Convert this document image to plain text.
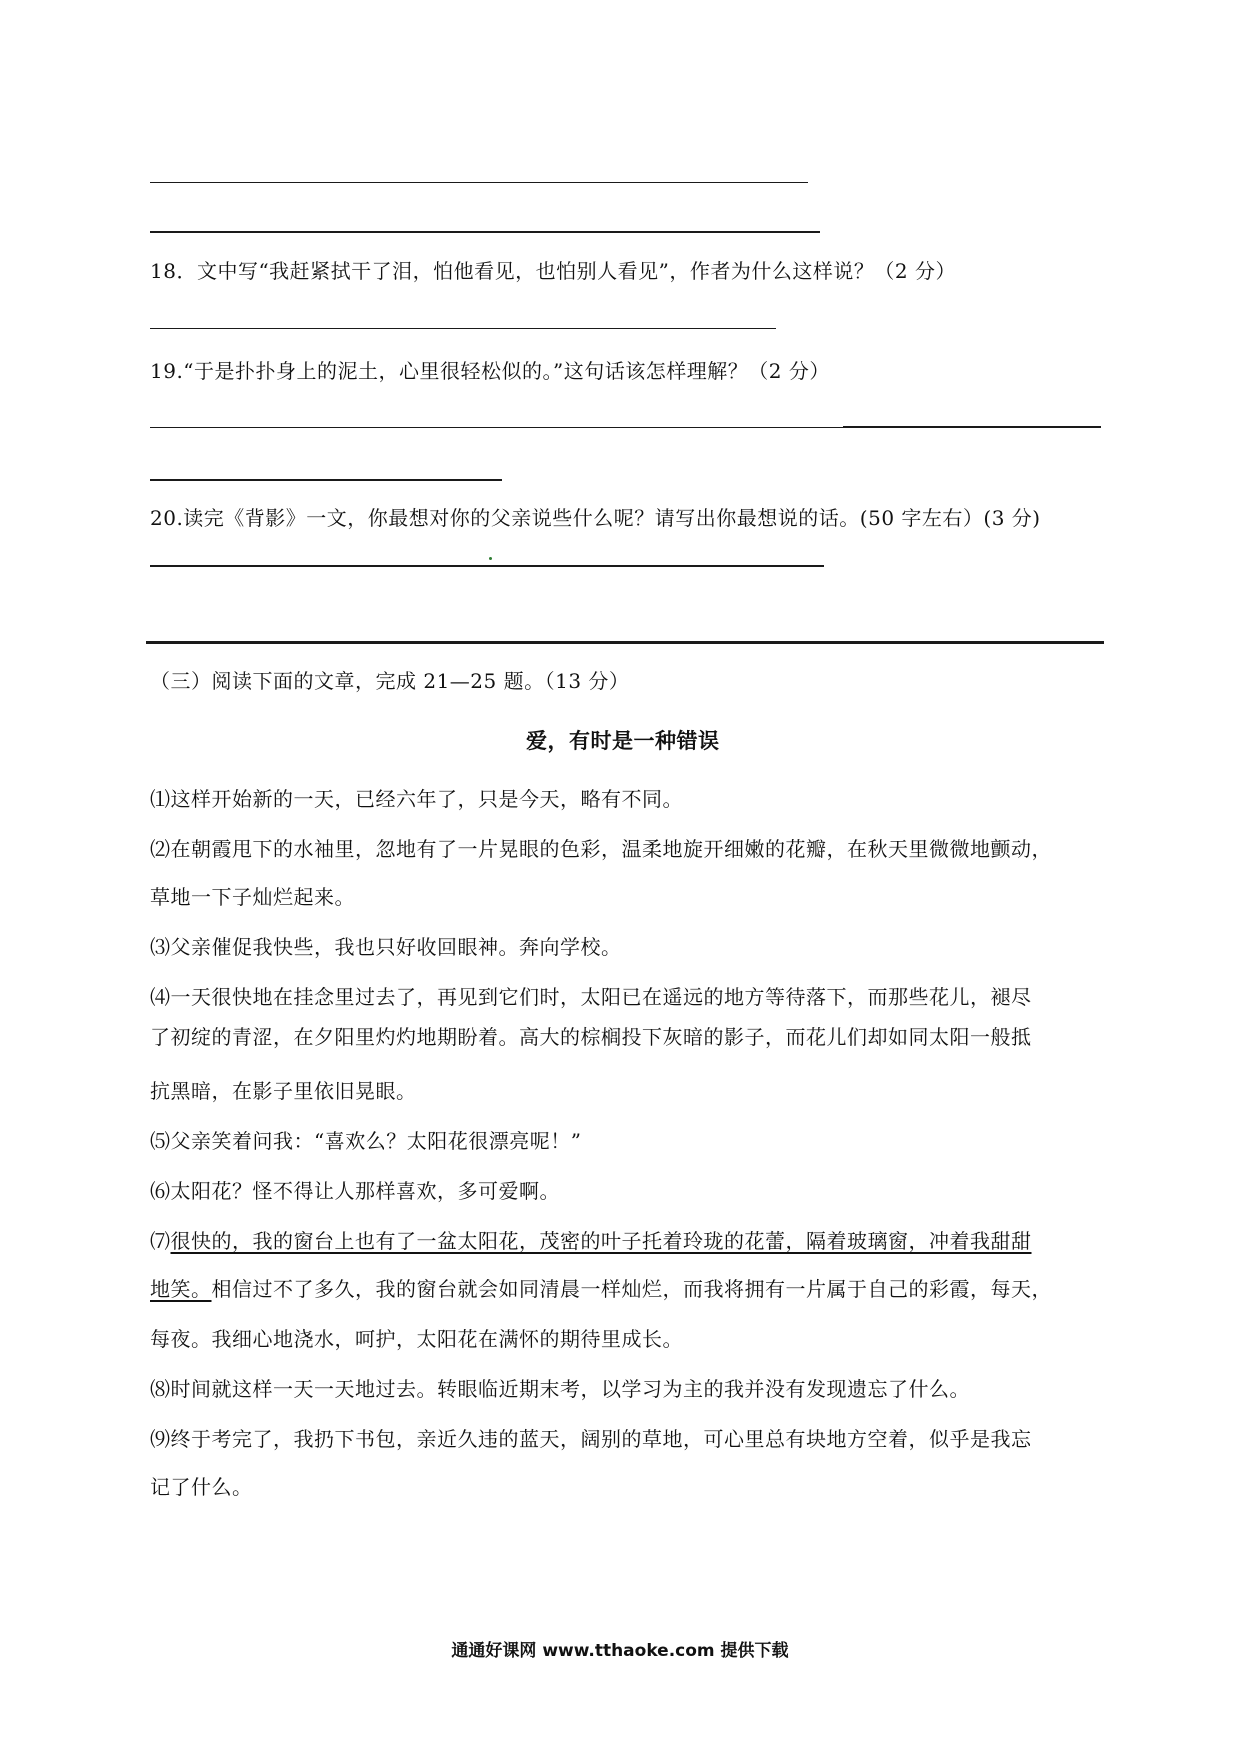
18．文中写“我赶紧拭干了泪，怕他看见，也怕别人看见”，作者为什么这样说？（2 分）
19.“于是扑扑身上的泥土，心里很轻松似的。”这句话该怎样理解？（2 分）
20.读完《背影》一文，你最想对你的父亲说些什么呢？请写出你最想说的话。(50 字左右）(3 分)
（三）阅读下面的文章，完成 21—25 题。（13 分）
爱，有时是一种错误
⑴这样开始新的一天，已经六年了，只是今天，略有不同。
⑵在朝霞甩下的水袖里，忽地有了一片晃眼的色彩，温柔地旋开细嫩的花瓣，在秋天里微微地颤动，
草地一下子灿烂起来。
⑶父亲催促我快些，我也只好收回眼神。奔向学校。
⑷一天很快地在挂念里过去了，再见到它们时，太阳已在遥远的地方等待落下，而那些花儿，褪尽
了初绽的青涩，在夕阳里灼灼地期盼着。高大的棕榈投下灰暗的影子，而花儿们却如同太阳一般抵
抗黑暗，在影子里依旧晃眼。
⑸父亲笑着问我：“喜欢么？太阳花很漂亮呢！”
⑹太阳花？怪不得让人那样喜欢，多可爱啊。
⑺很快的，我的窗台上也有了一盆太阳花，茂密的叶子托着玲珑的花蕾，隔着玻璃窗，冲着我甜甜
地笑。相信过不了多久，我的窗台就会如同清晨一样灿烂，而我将拥有一片属于自己的彩霞，每天，
每夜。我细心地浇水，呵护，太阳花在满怀的期待里成长。
⑻时间就这样一天一天地过去。转眼临近期末考，以学习为主的我并没有发现遗忘了什么。
⑼终于考完了，我扔下书包，亲近久违的蓝天，阔别的草地，可心里总有块地方空着，似乎是我忘
记了什么。
通通好课网 www.tthaoke.com 提供下载
